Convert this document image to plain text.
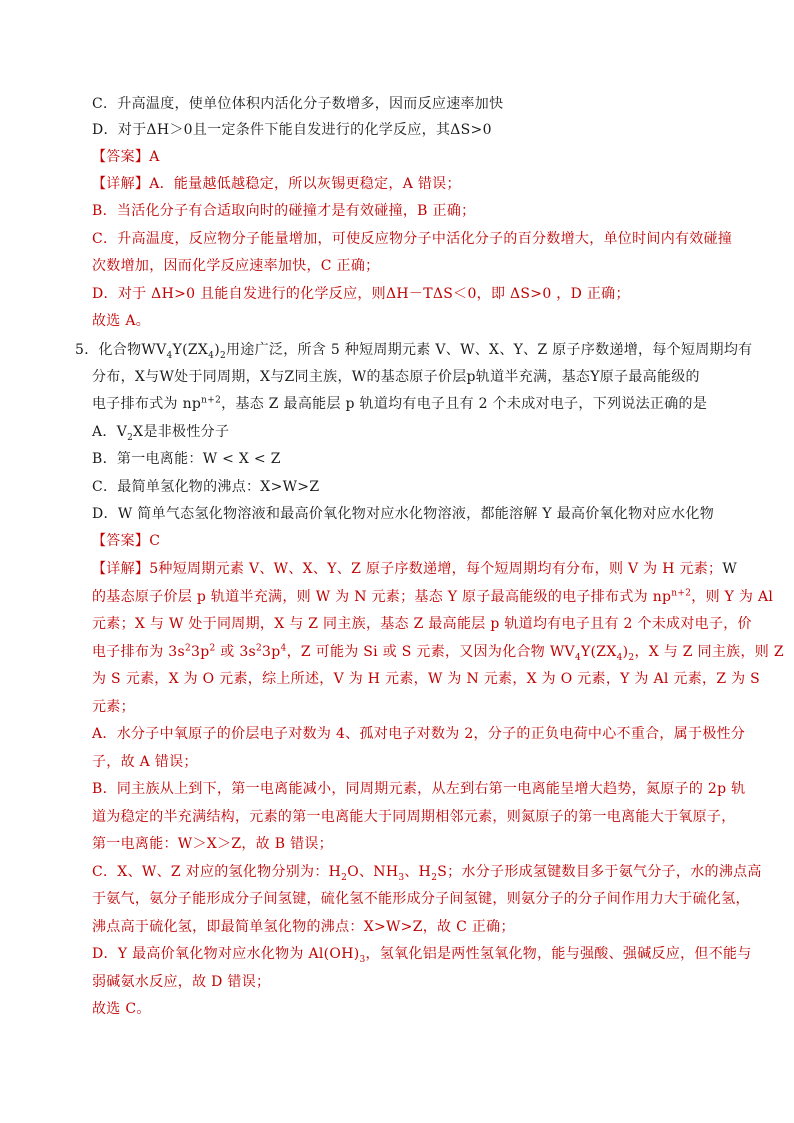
C．升高温度，使单位体积内活化分子数增多，因而反应速率加快
D．对于ΔH＞0且一定条件下能自发进行的化学反应，其ΔS>0
【答案】A
【详解】A．能量越低越稳定，所以灰锡更稳定，A 错误；
B．当活化分子有合适取向时的碰撞才是有效碰撞，B 正确；
C．升高温度，反应物分子能量增加，可使反应物分子中活化分子的百分数增大，单位时间内有效碰撞
次数增加，因而化学反应速率加快，C 正确；
D．对于 ΔH>0 且能自发进行的化学反应，则ΔH－TΔS＜0，即 ΔS>0 ，D 正确；
故选 A。
5．化合物$WV_4Y(ZX_4)_2$用途广泛，所含 5 种短周期元素 V、W、X、Y、Z 原子序数递增，每个短周期均有
分布，X与W处于同周期，X与Z同主族，W的基态原子价层p轨道半充满，基态Y原子最高能级的
电子排布式为 $np^{n+2}$，基态 Z 最高能层 p 轨道均有电子且有 2 个未成对电子，下列说法正确的是
A．$V_2X$是非极性分子
B．第一电离能：W < X < Z
C．最简单氢化物的沸点：X>W>Z
D．W 简单气态氢化物溶液和最高价氧化物对应水化物溶液，都能溶解 Y 最高价氧化物对应水化物
【答案】C
【详解】5种短周期元素 V、W、X、Y、Z 原子序数递增，每个短周期均有分布，则 V 为 H 元素；W
的基态原子价层 p 轨道半充满，则 W 为 N 元素；基态 Y 原子最高能级的电子排布式为 $np^{n+2}$，则 Y 为 Al
元素；X 与 W 处于同周期，X 与 Z 同主族，基态 Z 最高能层 p 轨道均有电子且有 2 个未成对电子，价
电子排布为 $3s^23p^2$ 或 $3s^23p^4$，Z 可能为 Si 或 S 元素，又因为化合物 $WV_4Y(ZX_4)_2$，X 与 Z 同主族，则 Z
为 S 元素，X 为 O 元素，综上所述，V 为 H 元素，W 为 N 元素，X 为 O 元素，Y 为 Al 元素，Z 为 S
元素；
A．水分子中氧原子的价层电子对数为 4、孤对电子对数为 2，分子的正负电荷中心不重合，属于极性分
子，故 A 错误；
B．同主族从上到下，第一电离能减小，同周期元素，从左到右第一电离能呈增大趋势，氮原子的 2p 轨
道为稳定的半充满结构，元素的第一电离能大于同周期相邻元素，则氮原子的第一电离能大于氧原子，
第一电离能：W＞X＞Z，故 B 错误；
C．X、W、Z 对应的氢化物分别为：$H_2O$、$NH_3$、$H_2S$；水分子形成氢键数目多于氨气分子，水的沸点高
于氨气，氨分子能形成分子间氢键，硫化氢不能形成分子间氢键，则氨分子的分子间作用力大于硫化氢，
沸点高于硫化氢，即最简单氢化物的沸点：X>W>Z，故 C 正确；
D．Y 最高价氧化物对应水化物为 $Al(OH)_3$，氢氧化铝是两性氢氧化物，能与强酸、强碱反应，但不能与
弱碱氨水反应，故 D 错误；
故选 C。
